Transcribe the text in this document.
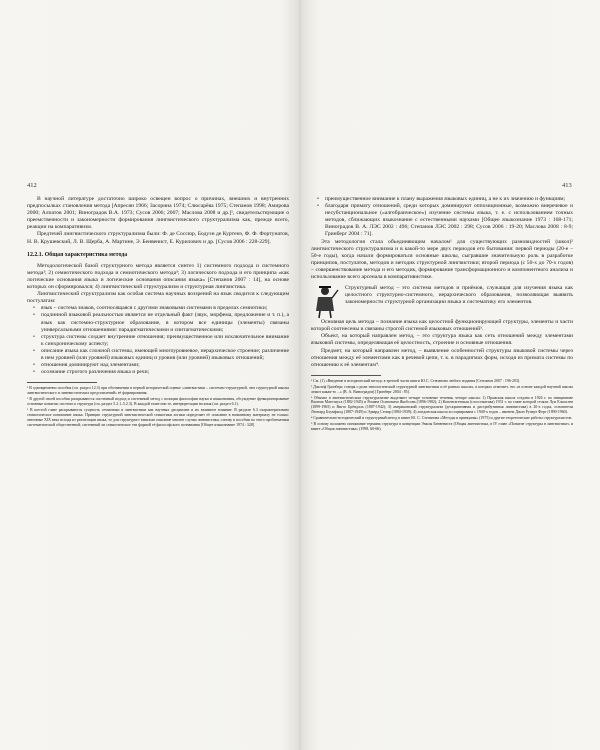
412	413

В научной литературе достаточно широко освещен вопрос о причинах, внешних и внутренних предпосылках становления метода [Апресян 1966; Засорина 1974; Слюсарёва 1975; Степанов 1998; Амирова 2000; Алпатов 2001; Виноградов В.А. 1973; Сусов 2006; 2007; Маслова 2008 и др.]¹, свидетельствующие о преемственности и закономерности формирования лингвистического структурализма как, прежде всего, реакции на компаративизм.

Предтечей лингвистического структурализма были: Ф. де Соссюр, Бодуэн де Куртенэ, Ф. Ф. Фортунатов, Н. В. Крушевский, Л. В. Щерба, А. Мартине, Э. Бенвенист, Е. Курилович и др. [Сусов 2006 : 228-229].

12.2.1. Общая характеристика метода

Методологической базой структурного метода является синтез 1) системного подхода и системного метода²; 2) семиотического подхода и семиотического метода³; 3) логического подхода и его принципа «как логические основания языка и логические основания описания языка» [Степанов 2007 : 14], на основе которых он сформировался; 4) лингвистический структурализм и структурная лингвистика.

Лингвистический структурализм как особая система научных воззрений на язык сводится к следующим постулатам:

• язык – система знаков, соотносящаяся с другими знаковыми системами в пределах семиотики;
• подлинной языковой реальностью является не отдельный факт (звук, морфема, предложение и т. п.), а язык как системно-структурное образование, в котором все единицы (элементы) связаны универсальными отношениями: парадигматическими и синтагматическими;
• структура системы создает внутренние отношения; преимущественное или исключительное внимание к синхроническому аспекту;
• описание языка как сложной системы, имеющей многоуровневое, иерархическое строение; различение в нем уровней (или уровней) языковых единиц и уровня (или уровней) языковых отношений;
• отношения доминируют над элементами;
• осознание строгого различения языка и речи;

¹ В одновременно пособия (см. раздел 12.3) при обозначении в первой исторической оценке «лингвистики – системно-структурной, чем структурной школы лингвистического и лингвистических представлений» её формирования.

² В другой своей пособия раскрываются системный подход и системный метод с позиции философии науки и языкознания, обсуждение функционирование основные понятия: система и структура (см. раздел 5.2.1–5.2.3). В каждой главе они те, интерпретации на язык (см. раздел 6.1).

³ В шестой главе раскрываются сущность семиотики и лингвистики как научных дисциплин и их взаимное влияние. В разделе 6.3 охарактеризовано семиотическое понимание языка. Принцип структурной лингвистической семиотики логики определяет её описание в названному материалу не только: античные XIX века исходя из реализации языка, то для структурист книгами описание многие случаи лингвистики, основу в пособии по этого проблематики систематической общественной; системный ли семиотическое эти формой её философского познавания [Общее языкознание 1974 : 328].

• преимущественное внимание к плану выражения языковых единиц, а не к их значению и функциям;
• благодаря примату отношений, среди которых доминируют оппозиционные, возможно внеречевое и несубстанциональное («алгебраическое») изучение системы языка, т. е. с использованием точных методов, сближающих языкознание с естественными науками [Общее языкознание 1973 : 168-171; Виноградов В. А. ЛЭС 2002 : 496; Степанов ЛЭС 2002 : 298; Сусов 2006 : 19-20; Маслова 2008 : 8-9; Гринберг 2004 : 71].

Эта методология стала объединяющим началом¹ для существующих разновидностей (школ)² лингвистического структурализма и в какой-то мере двух периодов его бытования: первой периоды (20-е – 50-е годы), когда начали формироваться основные школы, сыгравшие значительную роль в разработке принципов, постулатов, методов и методик структурной лингвистики; второй периода (с 50-х до 70-х годов) – совершенствование метода и его методик, формирование трансформационного и компонентного анализа и использование всего арсенала в компаративистике.

Структурный метод – это система методов и приёмов, служащая для изучения языка как целостного структурно-системного, иерархического образования, позволяющая выявить закономерности структурной организации языка и систематику его элементов.

Основная цель метода – познание языка как целостной функционирующей структуры, элементы и части которой соотнесены и связаны строгой системой языковых отношений³.

Объект, на который направлен метод, – это структура языка как сеть отношений между элементами языковой системы, определяющая её целостность, строение и основные отношения.

Предмет, на который направлен метод, – выявление особенностей структуры языковой системы через отношения между её элементами как в речевой цепи, т. к. в парадигмах форм, исходя из примата системы по отношению к её элементам⁴.

¹ См. (1) «Введение в исторический метод» в третьей части книги Ю.С. Степанова любого издания [Степанов 2007 : 196-203].

² Джозеф Гринберг, говоря о роли типологической структурной лингвистики и её разных школах, в которых отмечает, что «в основе каждой научной школы лежит какая-то ...» (В. А. Виноградов) [Гринберг 2004 : 85].

³ Обычно в лингвистическом структурализме выделяют четыре основные течения, четыре школы: 1) Пражская школа создана в 1926 г. по инициативе Вилема Матезиуса (1882-1945) и Романа Осиповича Якобсона (1896-1982); 2) Копенгагенская (глоссематика) 1931 г. по главе которой стояли Луи Ельмслев (1899-1965) и Вигго Брёндаль (1887-1942); 3) американский структурализм (дескриптивная и дистрибутивная лингвистика) в 20-х годах, основатели Леонард Блумфилд (1887-1949) и Эдвард Сепир (1884-1939); 4) лондонская школа ассоциирована с 1940-х годов – именем Джон Руперт Ферт (1890-1960).

⁴ Сравнительно-исторический и структурный метод в книге Ю. С. Степанова «Методы и принципы» (1975) и другие теоретические работы структуралистов.

⁵ В основу положено понимание термина структура в концепции Эмиля Бенвениста (Общая лингвистика, в IV главе «Понятие структуры в лингвистике» и книге «Общая лингвистика» (1998, 60-66).
